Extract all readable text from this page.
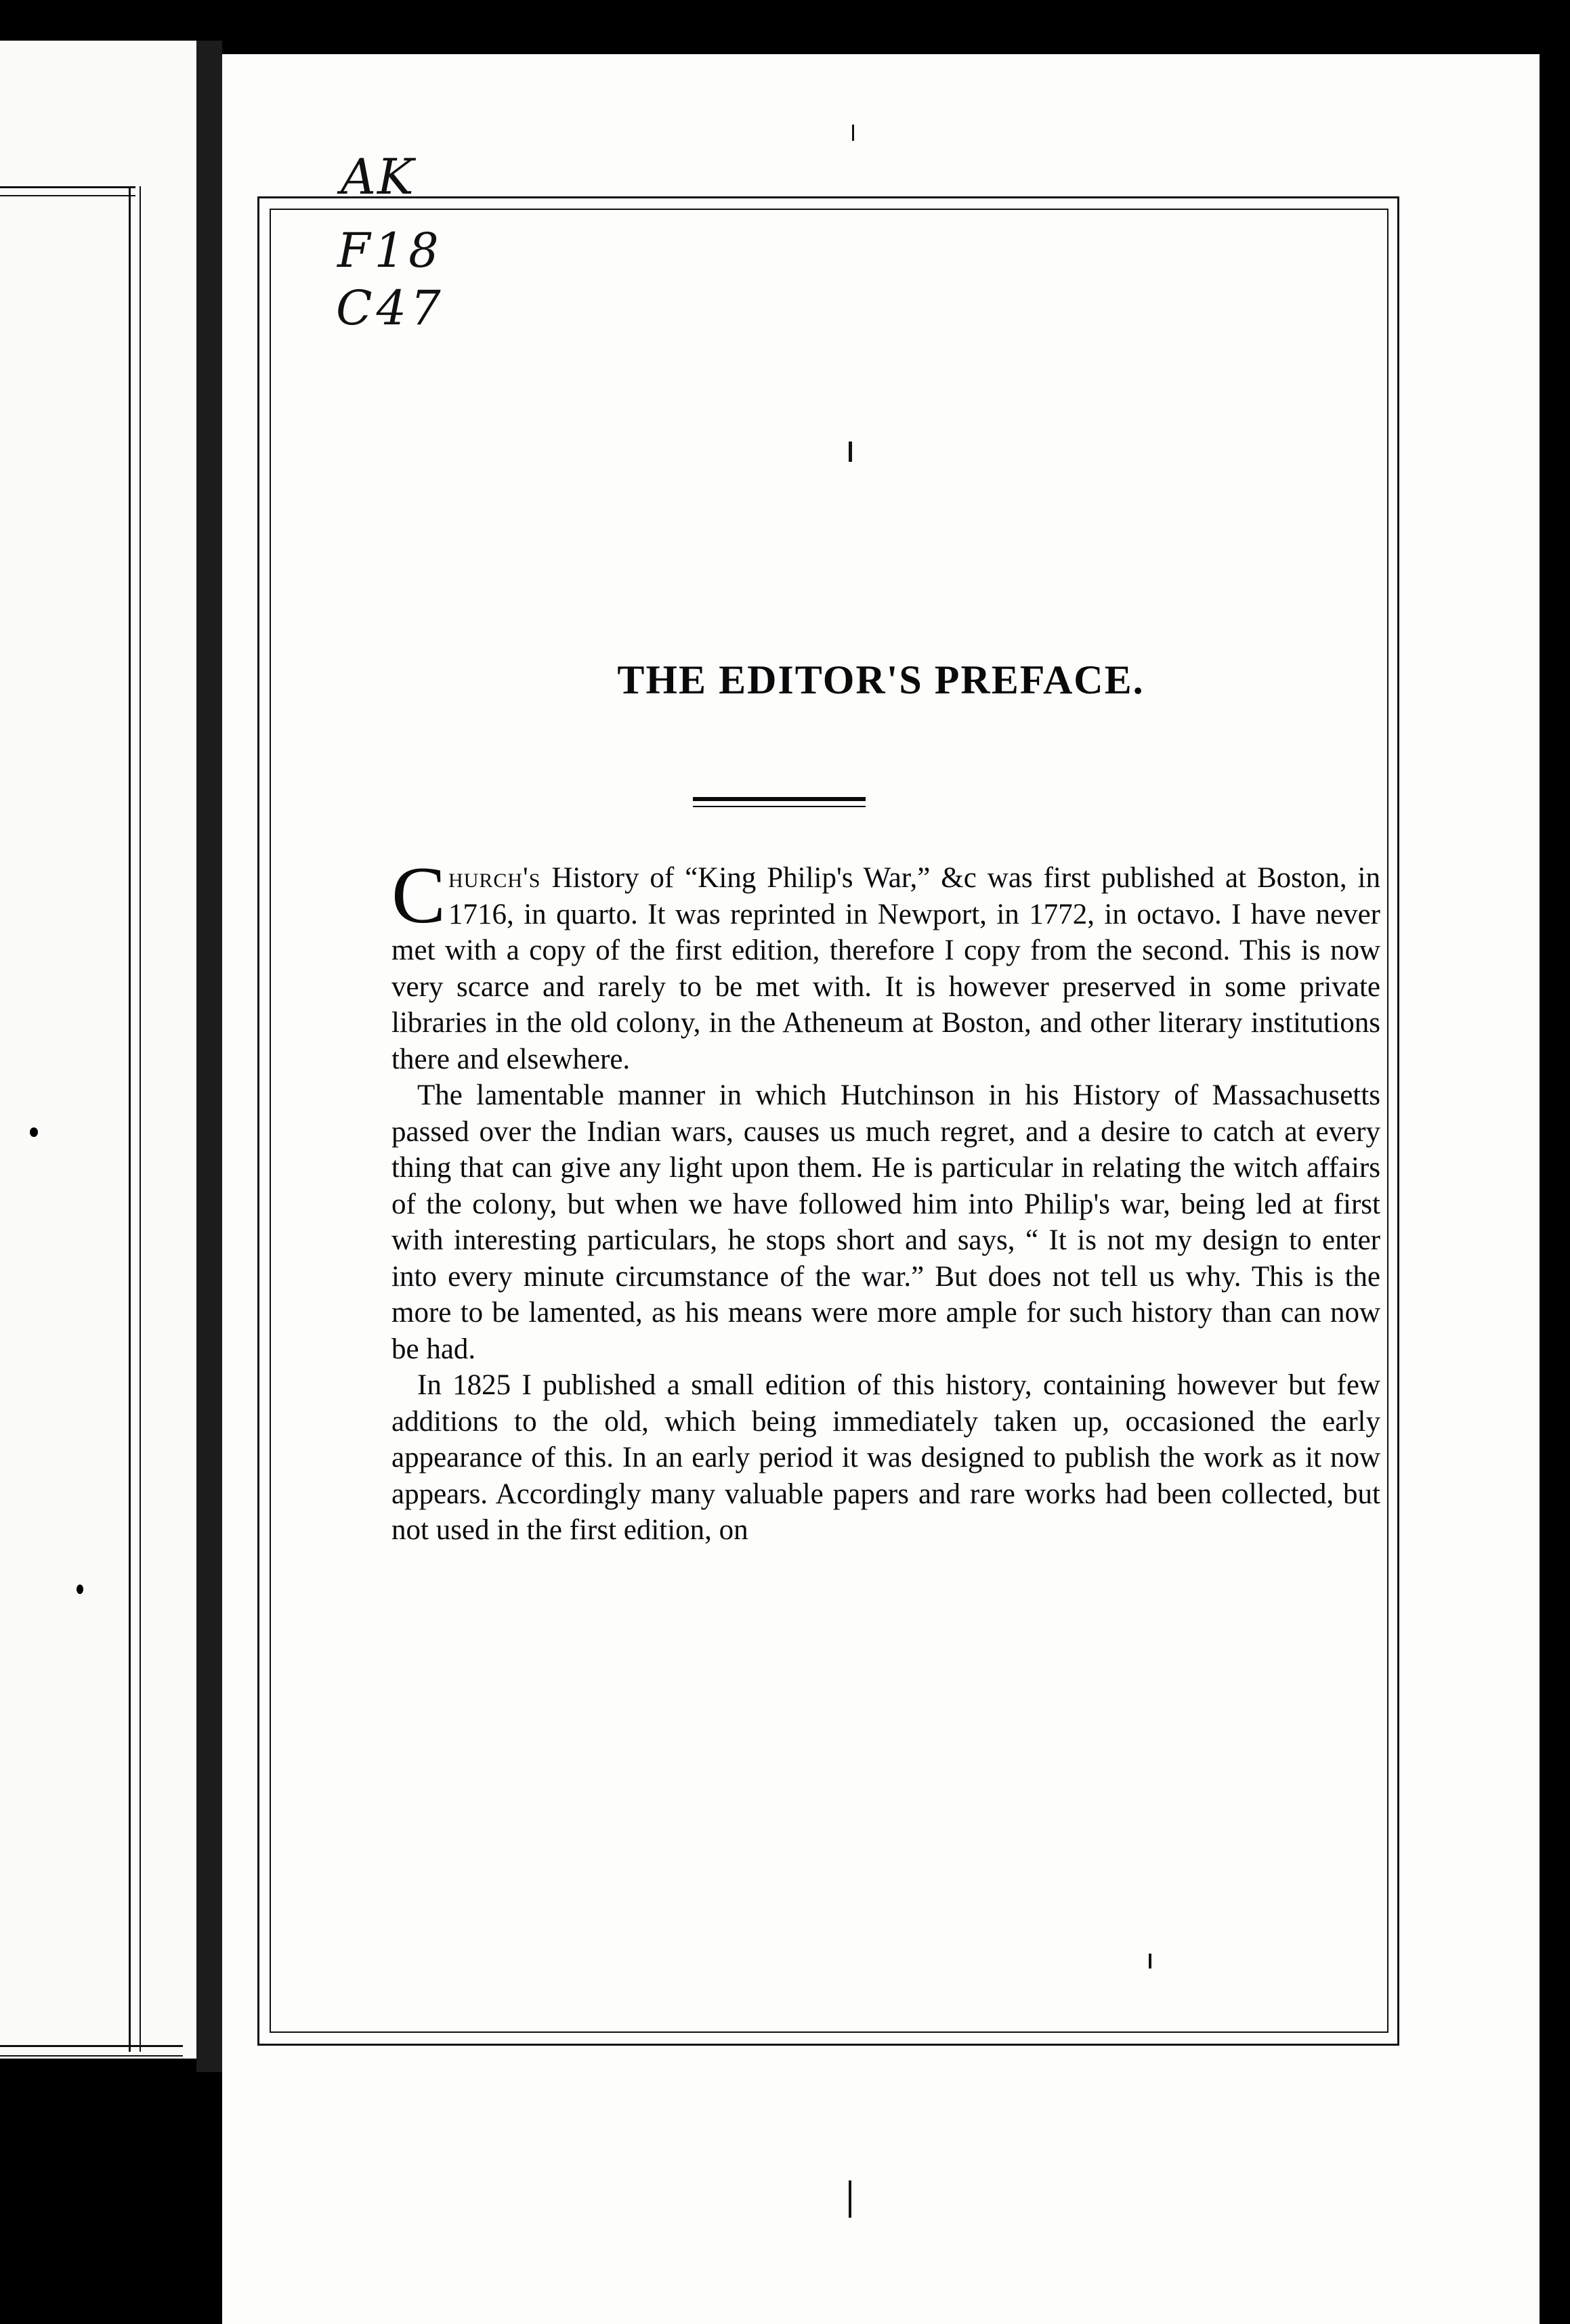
AK
F18
C47
THE EDITOR'S PREFACE.

Church's History of “King Philip's War,” &c was first published at Boston, in 1716, in quarto. It was reprinted in Newport, in 1772, in octavo. I have never met with a copy of the first edition, therefore I copy from the second. This is now very scarce and rarely to be met with. It is however preserved in some private libraries in the old colony, in the Atheneum at Boston, and other literary institutions there and elsewhere.

The lamentable manner in which Hutchinson in his History of Massachusetts passed over the Indian wars, causes us much regret, and a desire to catch at every thing that can give any light upon them. He is particular in relating the witch affairs of the colony, but when we have followed him into Philip's war, being led at first with interesting particulars, he stops short and says, “ It is not my design to enter into every minute circumstance of the war.” But does not tell us why. This is the more to be lamented, as his means were more ample for such history than can now be had.

In 1825 I published a small edition of this history, containing however but few additions to the old, which being immediately taken up, occasioned the early appearance of this. In an early period it was designed to publish the work as it now appears. Accordingly many valuable papers and rare works had been collected, but not used in the first edition, on
